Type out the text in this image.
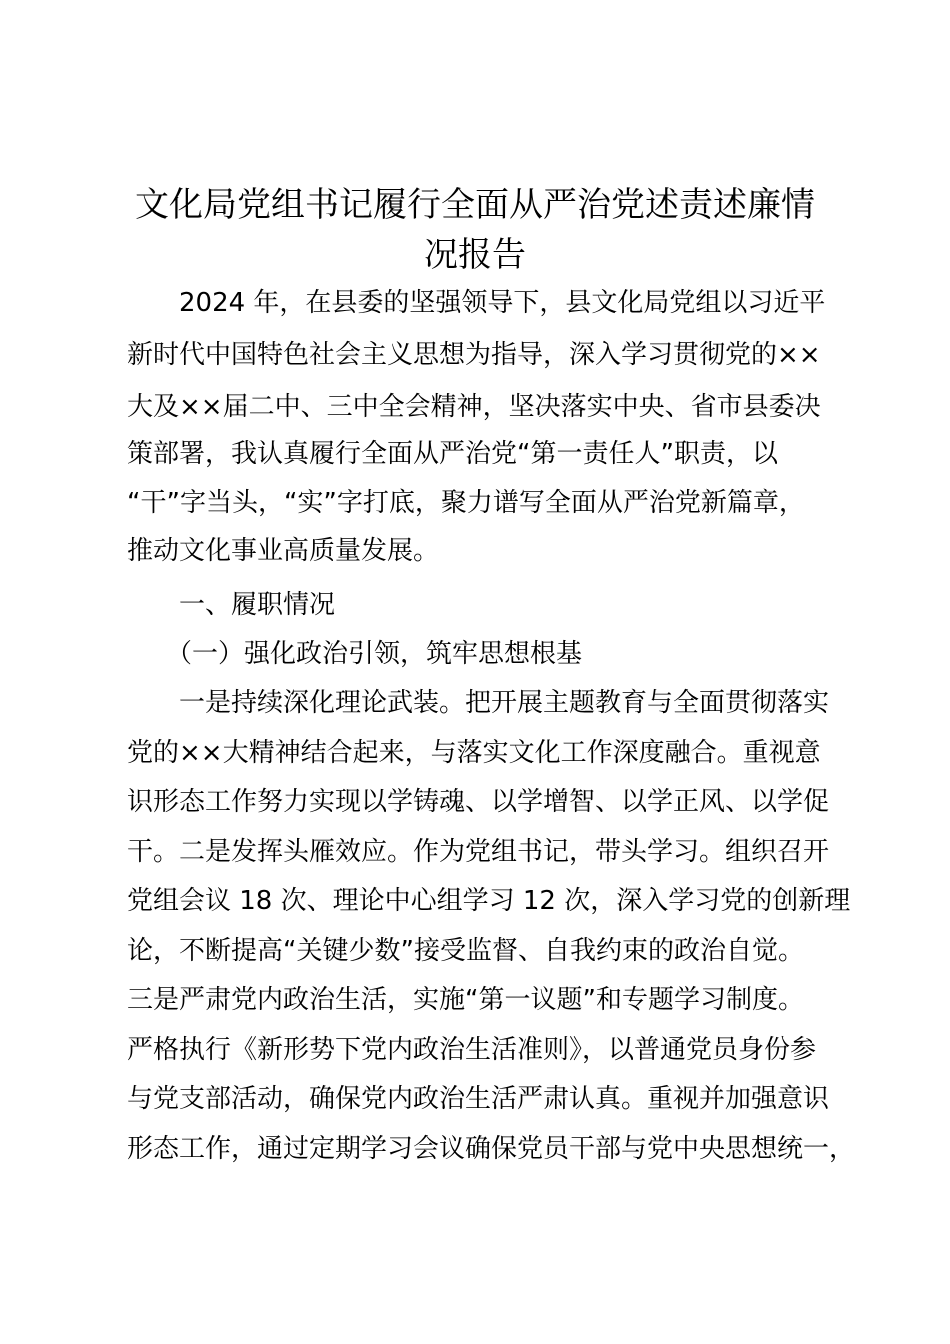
文化局党组书记履行全面从严治党述责述廉情
况报告

　　2024 年，在县委的坚强领导下，县文化局党组以习近平

新时代中国特色社会主义思想为指导，深入学习贯彻党的××

大及××届二中、三中全会精神，坚决落实中央、省市县委决

策部署，我认真履行全面从严治党“第一责任人”职责，以

“干”字当头，“实”字打底，聚力谱写全面从严治党新篇章，

推动文化事业高质量发展。

　　一、履职情况

　　（一）强化政治引领，筑牢思想根基

　　一是持续深化理论武装。把开展主题教育与全面贯彻落实

党的××大精神结合起来，与落实文化工作深度融合。重视意

识形态工作努力实现以学铸魂、以学增智、以学正风、以学促

干。二是发挥头雁效应。作为党组书记，带头学习。组织召开

党组会议 18 次、理论中心组学习 12 次，深入学习党的创新理

论，不断提高“关键少数”接受监督、自我约束的政治自觉。

三是严肃党内政治生活，实施“第一议题”和专题学习制度。

严格执行《新形势下党内政治生活准则》，以普通党员身份参

与党支部活动，确保党内政治生活严肃认真。重视并加强意识

形态工作，通过定期学习会议确保党员干部与党中央思想统一，
